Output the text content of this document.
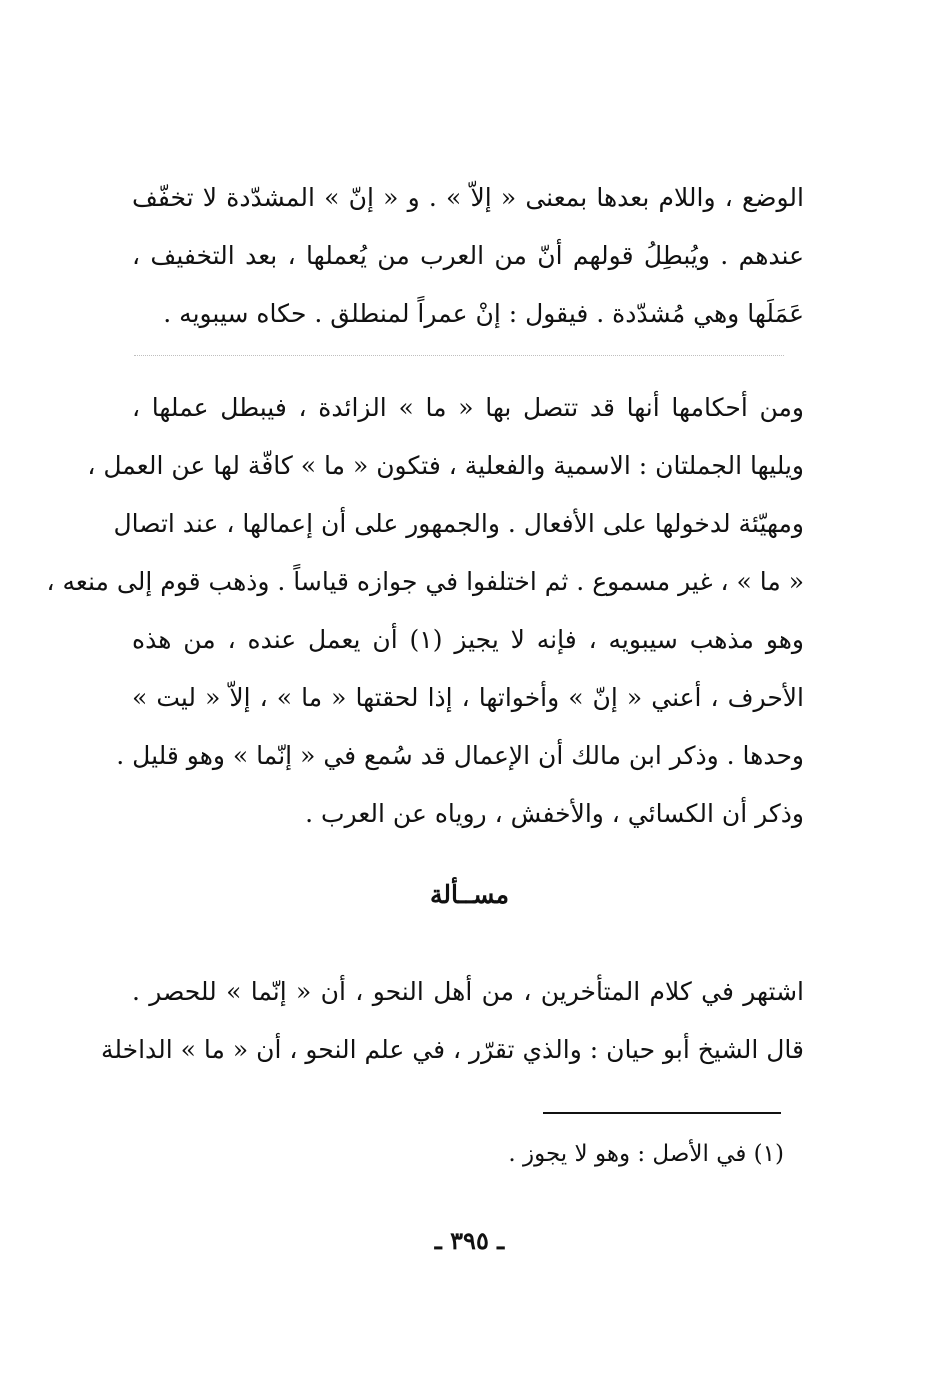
الوضع ، واللام بعدها بمعنى « إلاّ » . و « إنّ » المشدّدة لا تخفّف
عندهم . ويُبطِلُ قولهم أنّ من العرب من يُعملها ، بعد التخفيف ،
عَمَلَها وهي مُشدّدة . فيقول : إنْ عمراً لمنطلق . حكاه سيبويه .
ومن أحكامها أنها قد تتصل بها « ما » الزائدة ، فيبطل عملها ،
ويليها الجملتان : الاسمية والفعلية ، فتكون « ما » كافّة لها عن العمل ،
ومهيّئة لدخولها على الأفعال . والجمهور على أن إعمالها ، عند اتصال
« ما » ، غير مسموع . ثم اختلفوا في جوازه قياساً . وذهب قوم إلى منعه ،
وهو مذهب سيبويه ، فإنه لا يجيز (١) أن يعمل عنده ، من هذه
الأحرف ، أعني « إنّ » وأخواتها ، إذا لحقتها « ما » ، إلاّ « ليت »
وحدها . وذكر ابن مالك أن الإعمال قد سُمع في « إنّما » وهو قليل .
وذكر أن الكسائي ، والأخفش ، روياه عن العرب .
مســألة
اشتهر في كلام المتأخرين ، من أهل النحو ، أن « إنّما » للحصر .
قال الشيخ أبو حيان : والذي تقرّر ، في علم النحو ، أن « ما » الداخلة
(١) في الأصل : وهو لا يجوز .
ـ ٣٩٥ ـ
